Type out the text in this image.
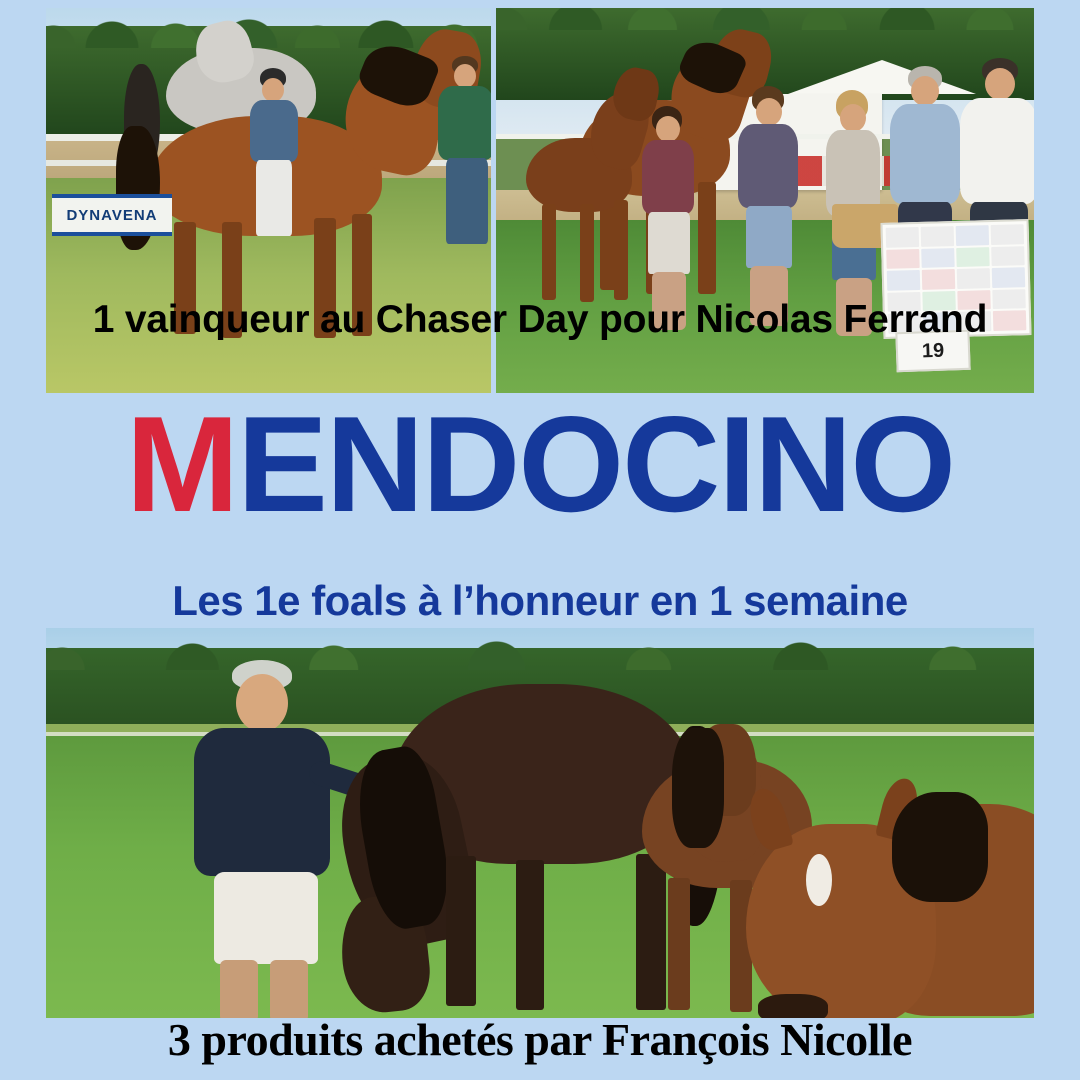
DYNAVENA
19
1 vainqueur au Chaser Day pour Nicolas Ferrand
MENDOCINO
Les 1e foals à l’honneur en 1 semaine
3 produits achetés par François Nicolle
